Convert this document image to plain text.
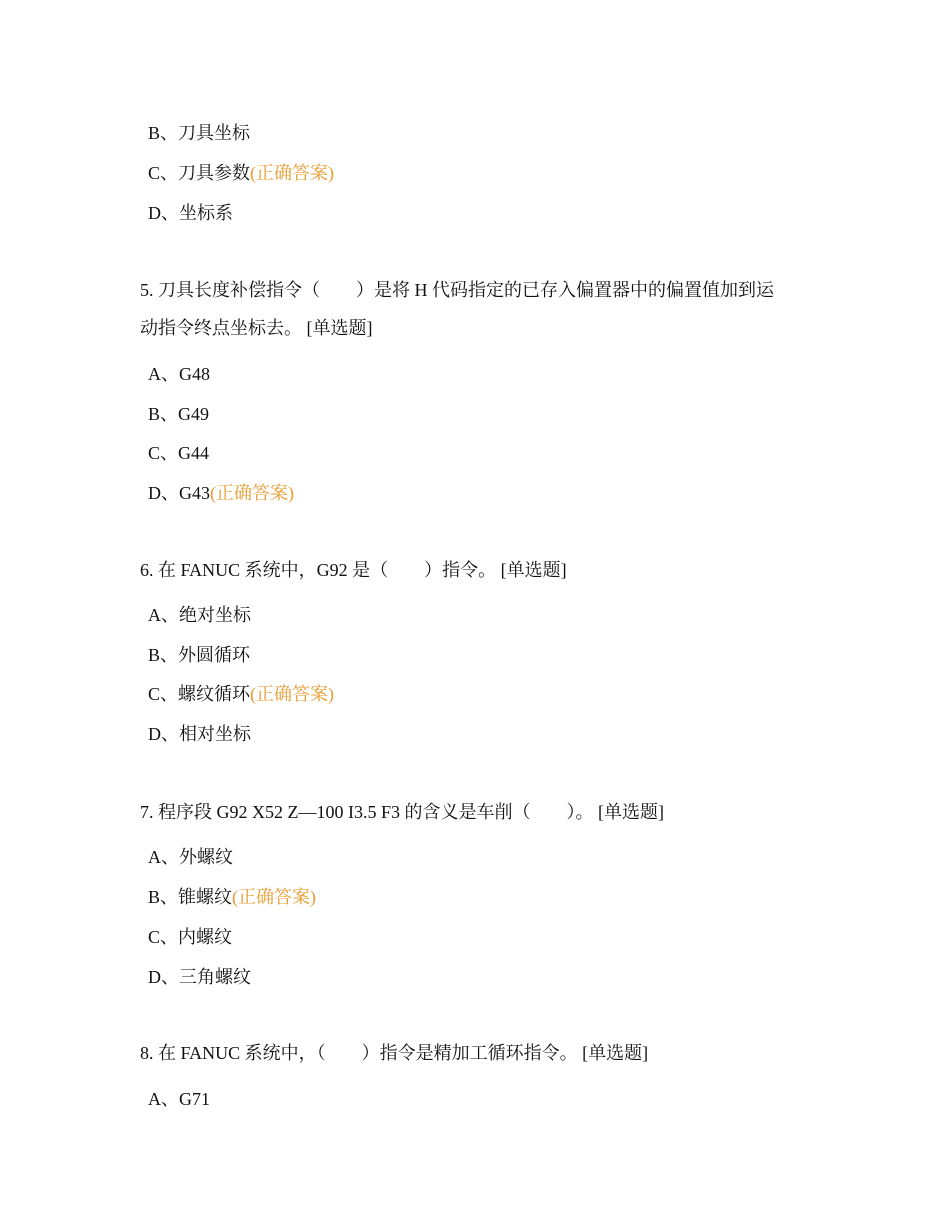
B、刀具坐标
C、刀具参数(正确答案)
D、坐标系
5. 刀具长度补偿指令（　　）是将 H 代码指定的已存入偏置器中的偏置值加到运
动指令终点坐标去。 [单选题]
A、G48
B、G49
C、G44
D、G43(正确答案)
6. 在 FANUC 系统中，G92 是（　　）指令。 [单选题]
A、绝对坐标
B、外圆循环
C、螺纹循环(正确答案)
D、相对坐标
7. 程序段 G92 X52 Z—100 I3.5 F3 的含义是车削（　　）。 [单选题]
A、外螺纹
B、锥螺纹(正确答案)
C、内螺纹
D、三角螺纹
8. 在 FANUC 系统中，（　　）指令是精加工循环指令。 [单选题]
A、G71
